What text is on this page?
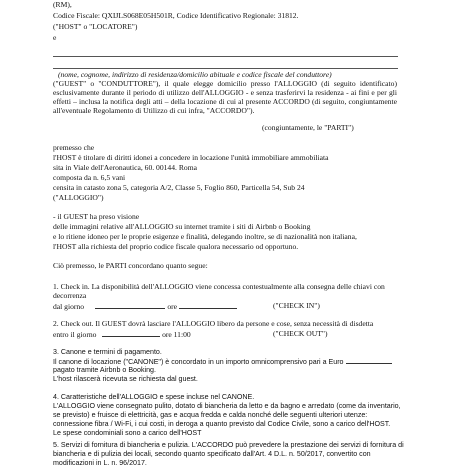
(RM),
Codice Fiscale: QXIJLS068E05H501R, Codice Identificativo Regionale: 31812.
("HOST" o "LOCATORE")
e
(nome, cognome, indirizzo di residenza/domicilio abituale e codice fiscale del conduttore)
("GUEST" o "CONDUTTORE"), il quale elegge domicilio presso l'ALLOGGIO (di seguito identificato) esclusivamente durante il periodo di utilizzo dell'ALLOGGIO - e senza trasferirvi la residenza - ai fini e per gli effetti – inclusa la notifica degli atti – della locazione di cui al presente ACCORDO (di seguito, congiuntamente all'eventuale Regolamento di Utilizzo di cui infra, "ACCORDO").
(congiuntamente, le "PARTI")
premesso che
l'HOST è titolare di diritti idonei a concedere in locazione l'unità immobiliare ammobiliata
sita in Viale dell'Aeronautica, 60. 00144. Roma
composta da n. 6,5 vani
censita in catasto zona 5, categoria A/2, Classe 5, Foglio 860, Particella 54, Sub 24
("ALLOGGIO")
- il GUEST ha preso visione
delle immagini relative all'ALLOGGIO su internet tramite i siti di Airbnb o Booking
e lo ritiene idoneo per le proprie esigenze e finalità, delegando inoltre, se di nazionalità non italiana,
l'HOST alla richiesta del proprio codice fiscale qualora necessario od opportuno.
Ciò premesso, le PARTI concordano quanto segue:
1. Check in. La disponibilità dell'ALLOGGIO viene concessa contestualmente alla consegna delle chiavi con
decorrenza
dal giorno	ore	("CHECK IN")
2. Check out. Il GUEST dovrà lasciare l'ALLOGGIO libero da persone e cose, senza necessità di disdetta
entro il giorno	ore 11:00	("CHECK OUT")
3. Canone e termini di pagamento.
Il canone di locazione ("CANONE") è concordato in un importo omnicomprensivo pari a Euro
pagato tramite Airbnb o Booking.
L'host rilascerà ricevuta se richiesta dal guest.
4. Caratteristiche dell'ALLOGGIO e spese incluse nel CANONE.
L'ALLOGGIO viene consegnato pulito, dotato di biancheria da letto e da bagno e arredato (come da inventario,
se previsto) e fruisce di elettricità, gas e acqua fredda e calda nonché delle seguenti ulteriori utenze:
connessione fibra / Wi-Fi, i cui costi, in deroga a quanto previsto dal Codice Civile, sono a carico dell'HOST.
Le spese condominiali sono a carico dell'HOST
5. Servizi di fornitura di biancheria e pulizia. L'ACCORDO può prevedere la prestazione dei servizi di fornitura di
biancheria e di pulizia dei locali, secondo quanto specificato dall'Art. 4 D.L. n. 50/2017, convertito con
modificazioni in L. n. 96/2017.
